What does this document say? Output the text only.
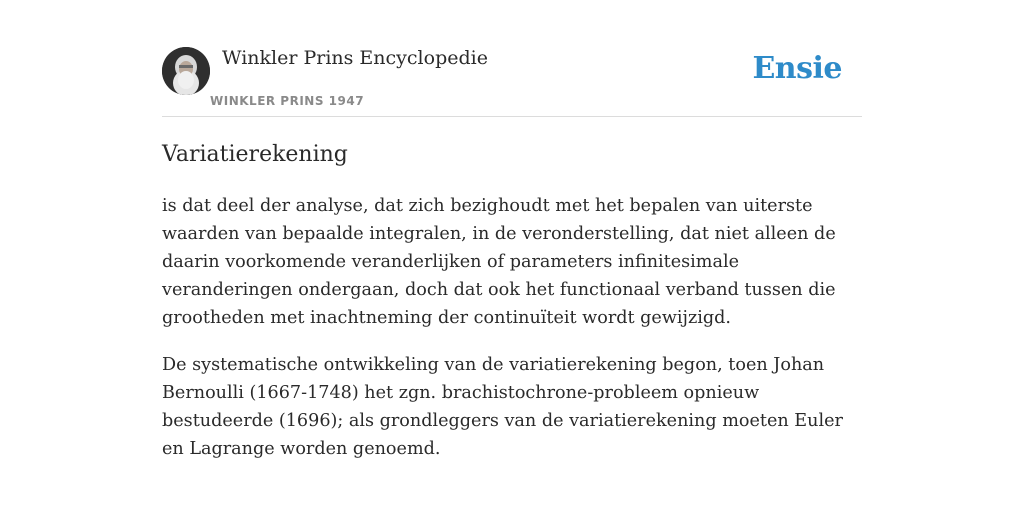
Winkler Prins Encyclopedie
WINKLER PRINS 1947
Ensie
Variatierekening

is dat deel der analyse, dat zich bezighoudt met het bepalen van uiterste waarden van bepaalde integralen, in de veronderstelling, dat niet alleen de daarin voorkomende veranderlijken of parameters infinitesimale veranderingen ondergaan, doch dat ook het functionaal verband tussen die grootheden met inachtneming der continuïteit wordt gewijzigd.

De systematische ontwikkeling van de variatierekening begon, toen Johan Bernoulli (1667-1748) het zgn. brachistochrone-probleem opnieuw bestudeerde (1696); als grondleggers van de variatierekening moeten Euler en Lagrange worden genoemd.
